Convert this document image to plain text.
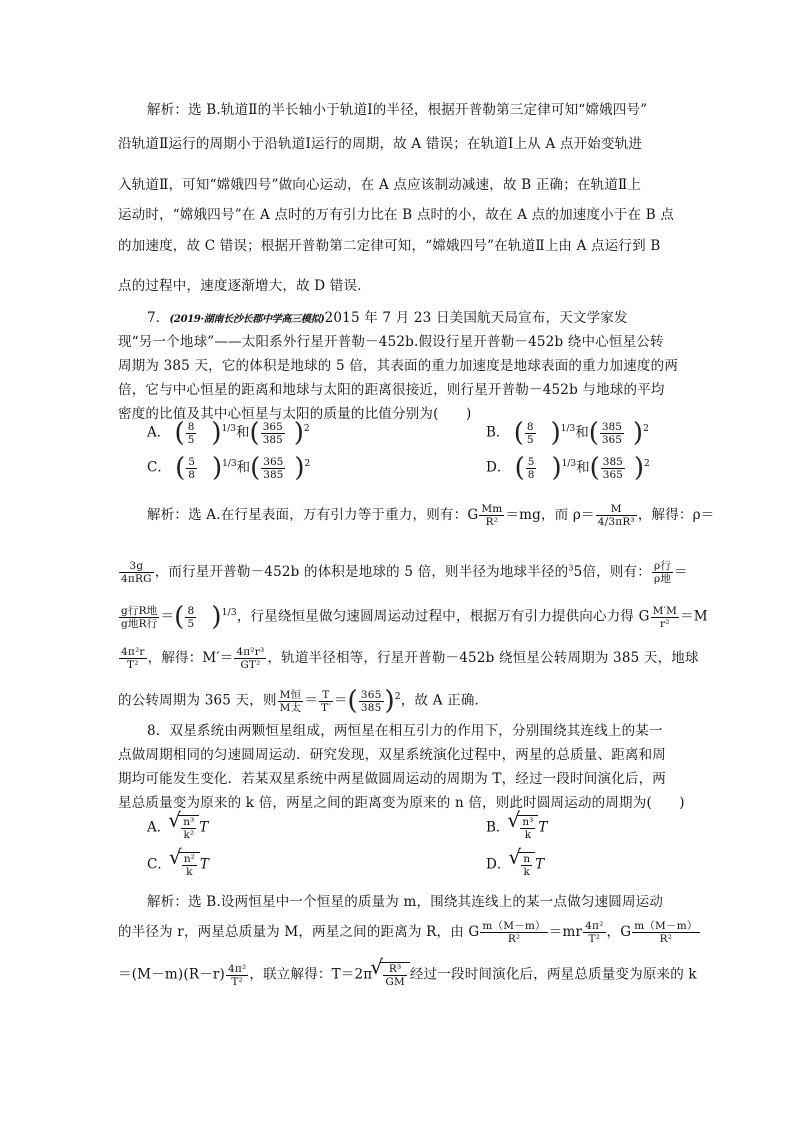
解析：选 B.轨道Ⅱ的半长轴小于轨道Ⅰ的半径，根据开普勒第三定律可知“嫦娥四号”
沿轨道Ⅱ运行的周期小于沿轨道Ⅰ运行的周期，故 A 错误；在轨道Ⅰ上从 A 点开始变轨进
入轨道Ⅱ，可知“嫦娥四号”做向心运动，在 A 点应该制动减速，故 B 正确；在轨道Ⅱ上
运动时，“嫦娥四号”在 A 点时的万有引力比在 B 点时的小，故在 A 点的加速度小于在 B 点
的加速度，故 C 错误；根据开普勒第二定律可知，“嫦娥四号”在轨道Ⅱ上由 A 点运行到 B
点的过程中，速度逐渐增大，故 D 错误．
7．(2019·湖南长沙长郡中学高三模拟)2015 年 7 月 23 日美国航天局宣布，天文学家发
现“另一个地球”——太阳系外行星开普勒－452b.假设行星开普勒－452b 绕中心恒星公转
周期为 385 天，它的体积是地球的 5 倍，其表面的重力加速度是地球表面的重力加速度的两
倍，它与中心恒星的距离和地球与太阳的距离很接近，则行星开普勒－452b 与地球的平均
密度的比值及其中心恒星与太阳的质量的比值分别为(　　)
A． ( $\frac{8}{5} )^{1/3}$和( $\frac{365}{385} )^2$	B． ( $\frac{8}{5} )^{1/3}$和( $\frac{385}{365} )^2$
C． ( $\frac{5}{8} )^{1/3}$和( $\frac{365}{385} )^2$	D． ( $\frac{5}{8} )^{1/3}$和( $\frac{385}{365} )^2$
解析：选 A.在行星表面，万有引力等于重力，则有：G $\frac{Mm}{\text{R²}} =mg$，而 $\rho= \frac{M}{\text{4/3πR³}}$ ，解得：ρ＝
$\frac{3g}{\text{4πRG}}$ ，而行星开普勒－452b 的体积是地球的 5 倍，则半径为地球半径的$^3$5倍，则有： $\frac{\text{ρ行}}{\text{ρ地}}$ ＝
$\frac{\text{g行R地}}{\text{g地R行}}$ ＝( $\frac{8}{5} )^{1/3}$，行星绕恒星做匀速圆周运动过程中，根据万有引力提供向心力得 G $\frac{M'M}{\text{r²}} =M$
$\frac{\text{4π²r}}{\text{T²}}$ ，解得：$M'= \frac{\text{4π²r³}}{\text{GT²}}$ ，轨道半径相等，行星开普勒－452b 绕恒星公转周期为 385 天，地球
的公转周期为 365 天，则 $\frac{\text{M恒}}{\text{M太}} = \frac{T}{T'}$ ＝( $\frac{365}{385} )^2$，故 A 正确．
8．双星系统由两颗恒星组成，两恒星在相互引力的作用下，分别围绕其连线上的某一
点做周期相同的匀速圆周运动．研究发现，双星系统演化过程中，两星的总质量、距离和周
期均可能发生变化．若某双星系统中两星做圆周运动的周期为 T，经过一段时间演化后，两
星总质量变为原来的 k 倍，两星之间的距离变为原来的 n 倍，则此时圆周运动的周期为(　　)
A． √ $\frac{\text{n³}}{\text{k²}}$ T	B． √ $\frac{\text{n³}}{k}$ T
C． √ $\frac{\text{n²}}{k}$ T	D． √ $\frac{n}{k}$ T
解析：选 B.设两恒星中一个恒星的质量为 m，围绕其连线上的某一点做匀速圆周运动
的半径为 r，两星总质量为 M，两星之间的距离为 R，由 G $\frac{m(M-m)}{\text{R²}} =mr \frac{\text{4π²}}{\text{T²}}$ ，G $\frac{m(M-m)}{\text{R²}}$
$=(M-m)(R-r) \frac{\text{4π²}}{\text{T²}}$ ，联立解得：T＝2π √ $\frac{\text{R³}}{GM}$ 经过一段时间演化后，两星总质量变为原来的 k
